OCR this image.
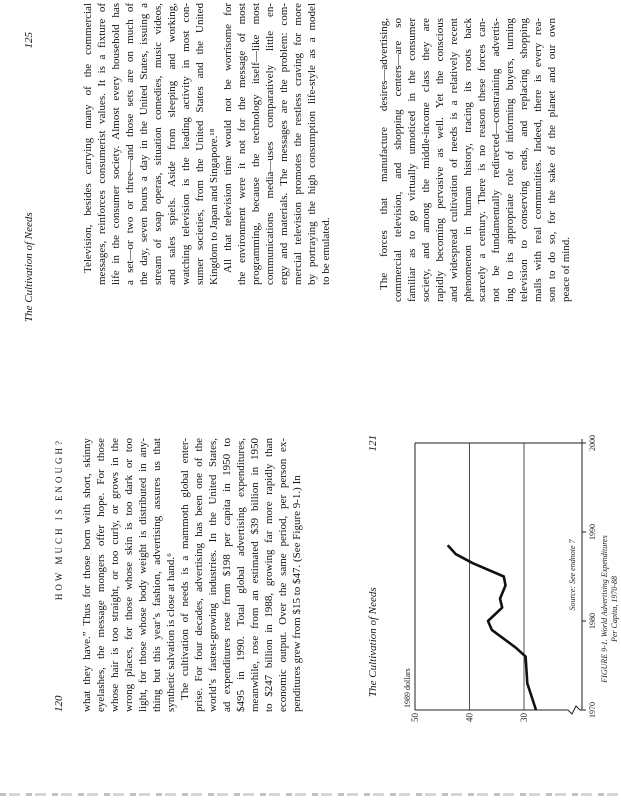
The Cultivation of Needs
125	Television, besides carrying many of the commercial messages, reinforces consumerist values. It is a fixture of life in the consumer society. Almost every household has a set—or two or three—and those sets are on much of the day, seven hours a day in the United States, issuing a stream of soap operas, situation comedies, music videos, and sales spiels. Aside from sleeping and working, watching television is the leading activity in most con- sumer societies, from the United States and the United Kingdom to Japan and Singapore.¹⁸ All that television time would not be worrisome for the environment were it not for the message of most programming, because the technology itself—like most communications media—uses comparatively little en- ergy and materials. The messages are the problem: com- mercial television promotes the restless craving for more by portraying the high consumption life-style as a model to be emulated.	The forces that manufacture desires—advertising, commercial television, and shopping centers—are so familiar as to go virtually unnoticed in the consumer society, and among the middle-income class they are rapidly becoming pervasive as well. Yet the conscious and widespread cultivation of needs is a relatively recent phenomenon in human history, tracing its roots back scarcely a century. There is no reason these forces can- not be fundamentally redirected—constraining advertis- ing to its appropriate role of informing buyers, turning television to conserving ends, and replacing shopping malls with real communities. Indeed, there is every rea- son to do so, for the sake of the planet and our own peace of mind.
120
HOW MUCH IS ENOUGH? what they have.” Thus for those born with short, skinny eyelashes, the message mongers offer hope. For those whose hair is too straight, or too curly, or grows in the wrong places, for those whose skin is too dark or too light, for those whose body weight is distributed in any- thing but this year’s fashion, advertising assures us that synthetic salvation is close at hand.⁶ The cultivation of needs is a mammoth global enter- prise. For four decades, advertising has been one of the world’s fastest-growing industries. In the United States, ad expenditures rose from $198 per capita in 1950 to $495 in 1990. Total global advertising expenditures, meanwhile, rose from an estimated $39 billion in 1950 to $247 billion in 1988, growing far more rapidly than economic output. Over the same period, per person ex- penditures grew from $15 to $47. (See Figure 9-1.) In	The Cultivation of Needs
121
30
40
50
1989 dollars
1970
1980
1990
2000
Source: See endnote 7	FIGURE 9-1. World Advertising Expenditures Per Capita, 1970-88
